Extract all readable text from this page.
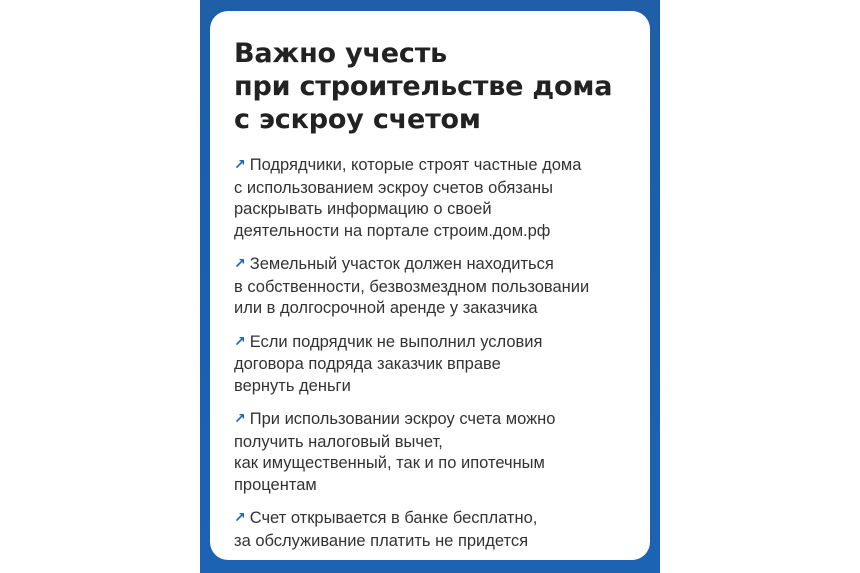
Важно учесть
при строительстве дома
с эскроу счетом
↗ Подрядчики, которые строят частные дома
с использованием эскроу счетов обязаны
раскрывать информацию о своей
деятельности на портале строим.дом.рф
↗ Земельный участок должен находиться
в собственности, безвозмездном пользовании
или в долгосрочной аренде у заказчика
↗ Если подрядчик не выполнил условия
договора подряда заказчик вправе
вернуть деньги
↗ При использовании эскроу счета можно
получить налоговый вычет,
как имущественный, так и по ипотечным
процентам
↗ Счет открывается в банке бесплатно,
за обслуживание платить не придется
